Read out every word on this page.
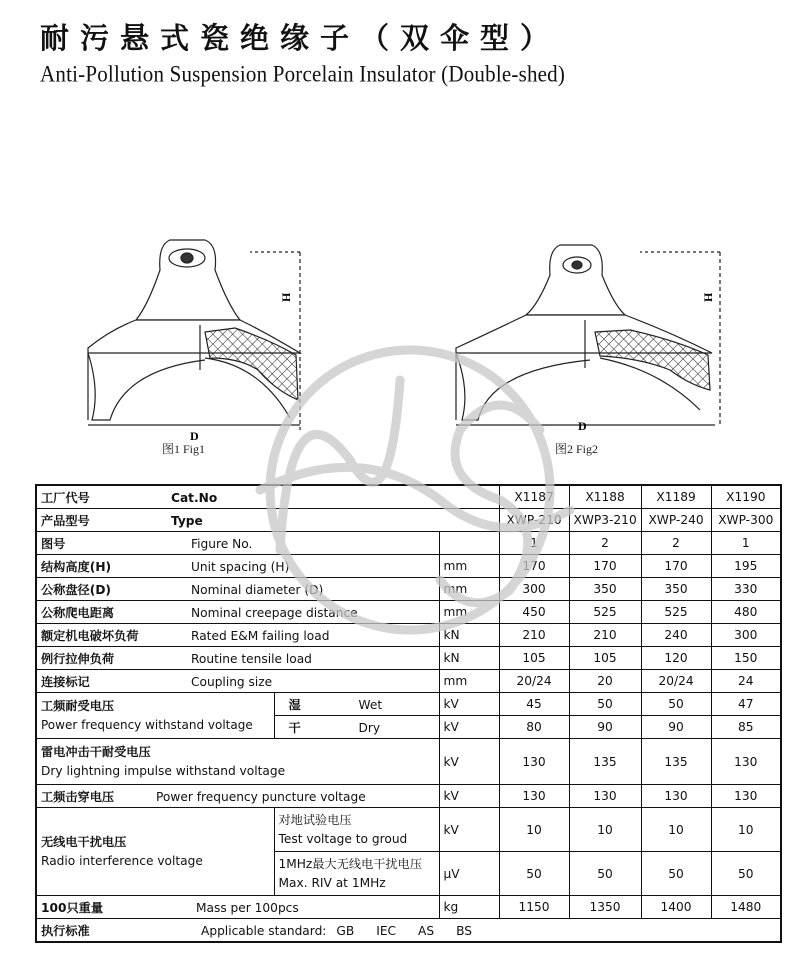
耐污悬式瓷绝缘子（双伞型）
Anti-Pollution Suspension Porcelain Insulator (Double-shed)
H
D
H
D
图1 Fig1	图2 Fig2
工厂代号 Cat.No			X1187	X1188	X1189	X1190
产品型号 Type			XWP-210	XWP3-210	XWP-240	XWP-300
图号 Figure No.			1	2	2	1
结构高度(H) Unit spacing (H)		mm	170	170	170	195
公称盘径(D) Nominal diameter (D)		mm	300	350	350	330
公称爬电距离 Nominal creepage distance		mm	450	525	525	480
额定机电破坏负荷 Rated E&M failing load		kN	210	210	240	300
例行拉伸负荷 Routine tensile load		kN	105	105	120	150
连接标记 Coupling size		mm	20/24	20	20/24	24

工频耐受电压
Power frequency withstand voltage	湿 Wet	kV	45	50	50	47
	干 Dry	kV	80	90	90	85

雷电冲击干耐受电压
Dry lightning impulse withstand voltage		kV	130	135	135	130
工频击穿电压 Power frequency puncture voltage		kV	130	130	130	130

无线电干扰电压
Radio interference voltage	对地试验电压
Test voltage to groud	kV	10	10	10	10

	1MHz最大无线电干扰电压
Max. RIV at 1MHz	μV	50	50	50	50
100只重量 Mass per 100pcs		kg	1150	1350	1400	1480
执行标准 Applicable standard: GB IEC AS BS						
